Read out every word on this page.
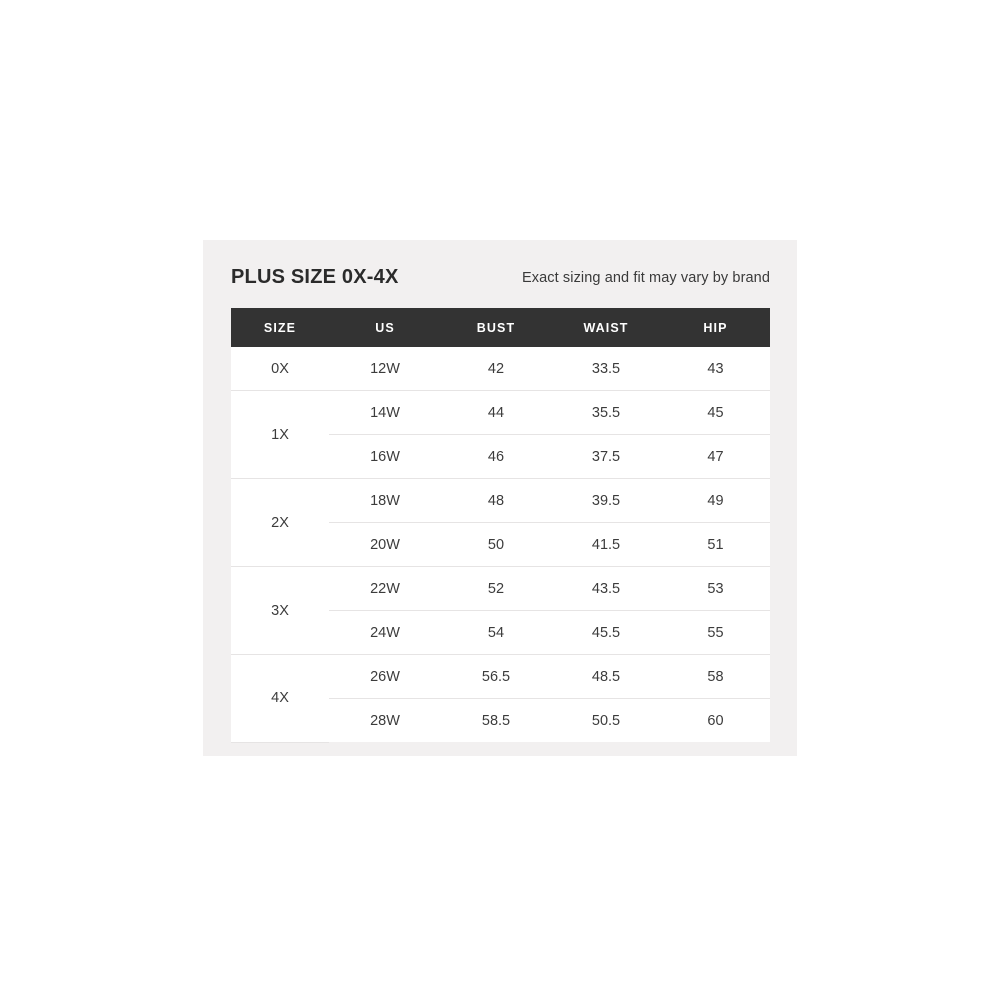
PLUS SIZE 0X-4X	Exact sizing and fit may vary by brand
SIZE	US	BUST	WAIST	HIP
0X	12W	42	33.5	43
1X	14W	44	35.5	45
	16W	46	37.5	47
2X	18W	48	39.5	49
	20W	50	41.5	51
3X	22W	52	43.5	53
	24W	54	45.5	55
4X	26W	56.5	48.5	58
	28W	58.5	50.5	60
